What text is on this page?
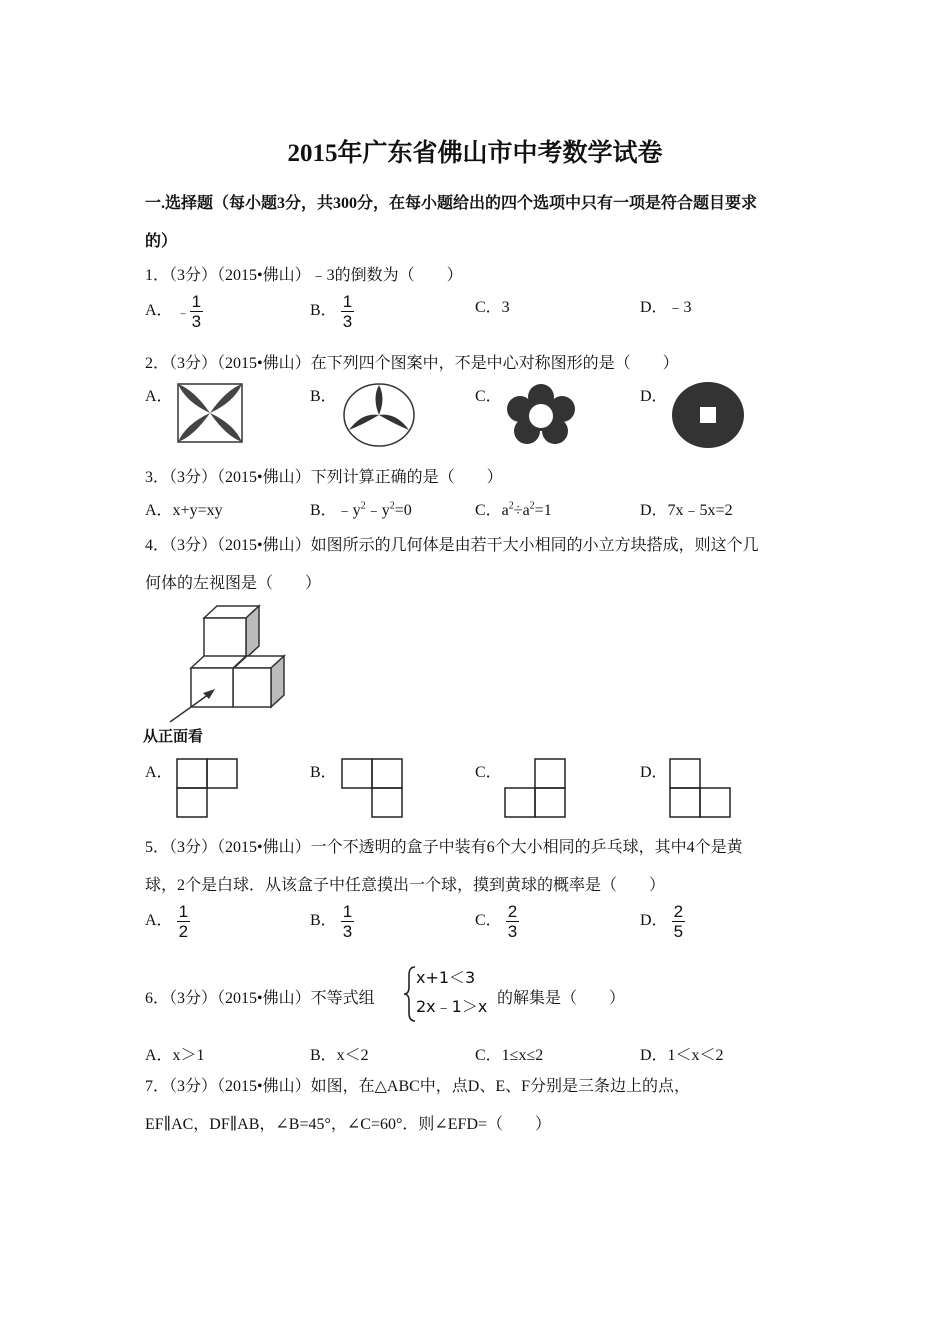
2015年广东省佛山市中考数学试卷
一.选择题（每小题3分，共300分，在每小题给出的四个选项中只有一项是符合题目要求
的）
1．（3分）（2015•佛山）﹣3的倒数为（　　）
A． ﹣ $\frac{1}{3}$	B． $\frac{1}{3}$	C．3	D．﹣3
2．（3分）（2015•佛山）在下列四个图案中，不是中心对称图形的是（　　）
A．	B．	C．	D．
3．（3分）（2015•佛山）下列计算正确的是（　　）
A．x+y=xy	B．$﹣y^2﹣y^2=0$	C．$a^2\div a^2=1$	D．7x﹣5x=2
4．（3分）（2015•佛山）如图所示的几何体是由若干大小相同的小立方块搭成，则这个几
何体的左视图是（　　）
从正面看
A．	B．	C．	D．
5．（3分）（2015•佛山）一个不透明的盒子中装有6个大小相同的乒乓球，其中4个是黄
球，2个是白球．从该盒子中任意摸出一个球，摸到黄球的概率是（　　）
A． $\frac{1}{2}$	B． $\frac{1}{3}$	C． $\frac{2}{3}$	D． $\frac{2}{5}$
6．（3分）（2015•佛山）不等式组
x+1＜3
2x﹣1＞x 的解集是（　　）
A．x＞1	B．x＜2	C．1≤x≤2	D．1＜x＜2
7．（3分）（2015•佛山）如图，在△ABC中，点D、E、F分别是三条边上的点，
EF∥AC，DF∥AB，∠B=45°，∠C=60°．则∠EFD=（　　）
